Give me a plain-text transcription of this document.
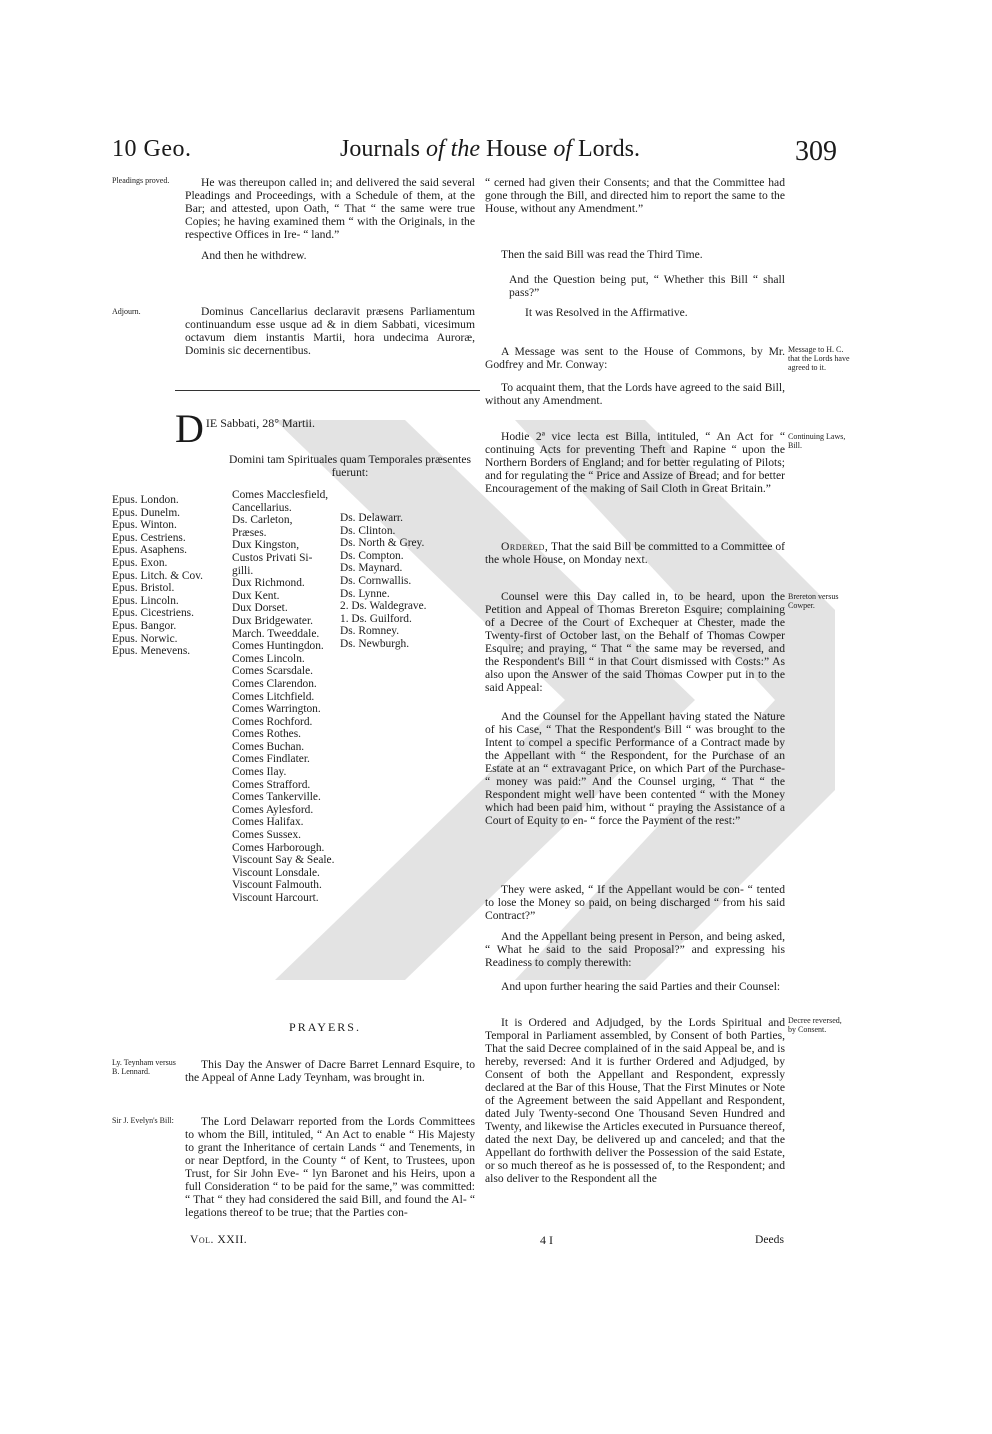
10 Geo.	Journals of the House of Lords.	309
Pleadings proved.	He was thereupon called in; and delivered the said several Pleadings and Proceedings, with a Schedule of them, at the Bar; and attested, upon Oath, “ That “ the same were true Copies; he having examined them “ with the Originals, in the respective Offices in Ire- “ land.”

And then he withdrew.

Adjourn.	Dominus Cancellarius declaravit præsens Parliamentum continuandum esse usque ad & in diem Sabbati, vicesimum octavum diem instantis Martii, hora undecima Auroræ, Dominis sic decernentibus.

D IE Sabbati, 28° Martii.
Domini tam Spirituales quam Temporales præsentes fuerunt:
Epus. London.
Epus. Dunelm.
Epus. Winton.
Epus. Cestriens.
Epus. Asaphens.
Epus. Exon.
Epus. Litch. & Cov.
Epus. Bristol.
Epus. Lincoln.
Epus. Cicestriens.
Epus. Bangor.
Epus. Norwic.
Epus. Menevens.
Comes Macclesfield,
Cancellarius.
Ds. Carleton,
Præses.
Dux Kingston,
Custos Privati Si-
gilli.
Dux Richmond.
Dux Kent.
Dux Dorset.
Dux Bridgewater.
March. Tweeddale.
Comes Huntingdon.
Comes Lincoln.
Comes Scarsdale.
Comes Clarendon.
Comes Litchfield.
Comes Warrington.
Comes Rochford.
Comes Rothes.
Comes Buchan.
Comes Findlater.
Comes Ilay.
Comes Strafford.
Comes Tankerville.
Comes Aylesford.
Comes Halifax.
Comes Sussex.
Comes Harborough.
Viscount Say & Seale.
Viscount Lonsdale.
Viscount Falmouth.
Viscount Harcourt.
Ds. Delawarr.
Ds. Clinton.
Ds. North & Grey.
Ds. Compton.
Ds. Maynard.
Ds. Cornwallis.
Ds. Lynne.
2. Ds. Waldegrave.
1. Ds. Guilford.
Ds. Romney.
Ds. Newburgh.
PRAYERS.
Ly. Teynham versus B. Lennard.

This Day the Answer of Dacre Barret Lennard Esquire, to the Appeal of Anne Lady Teynham, was brought in.

Sir J. Evelyn's Bill:	The Lord Delawarr reported from the Lords Committees to whom the Bill, intituled, “ An Act to enable “ His Majesty to grant the Inheritance of certain Lands “ and Tenements, in or near Deptford, in the County “ of Kent, to Trustees, upon Trust, for Sir John Eve- “ lyn Baronet and his Heirs, upon a full Consideration “ to be paid for the same,” was committed: “ That “ they had considered the said Bill, and found the Al- “ legations thereof to be true; that the Parties con-

Vol. XXII.

“ cerned had given their Consents; and that the Committee had gone through the Bill, and directed him to report the same to the House, without any Amendment.”

Then the said Bill was read the Third Time.

And the Question being put, “ Whether this Bill “ shall pass?”

It was Resolved in the Affirmative.

A Message was sent to the House of Commons, by Mr. Godfrey and Mr. Conway:

Message to H. C. that the Lords have agreed to it.

To acquaint them, that the Lords have agreed to the said Bill, without any Amendment.

Hodie 2ª vice lecta est Billa, intituled, “ An Act for “ continuing Acts for preventing Theft and Rapine “ upon the Northern Borders of England; and for better regulating of Pilots; and for regulating the “ Price and Assize of Bread; and for better Encouragement of the making of Sail Cloth in Great Britain.”

Continuing Laws, Bill.

Ordered, That the said Bill be committed to a Committee of the whole House, on Monday next.

Counsel were this Day called in, to be heard, upon the Petition and Appeal of Thomas Brereton Esquire; complaining of a Decree of the Court of Exchequer at Chester, made the Twenty-first of October last, on the Behalf of Thomas Cowper Esquire; and praying, “ That “ the same may be reversed, and the Respondent's Bill “ in that Court dismissed with Costs:” As also upon the Answer of the said Thomas Cowper put in to the said Appeal:

Brereton versus Cowper.

And the Counsel for the Appellant having stated the Nature of his Case, “ That the Respondent's Bill “ was brought to the Intent to compel a specific Performance of a Contract made by the Appellant with “ the Respondent, for the Purchase of an Estate at an “ extravagant Price, on which Part of the Purchase- “ money was paid:” And the Counsel urging, “ That “ the Respondent might well have been contented “ with the Money which had been paid him, without “ praying the Assistance of a Court of Equity to en- “ force the Payment of the rest:”

They were asked, “ If the Appellant would be con- “ tented to lose the Money so paid, on being discharged “ from his said Contract?”

And the Appellant being present in Person, and being asked, “ What he said to the said Proposal?” and expressing his Readiness to comply therewith:

And upon further hearing the said Parties and their Counsel:

It is Ordered and Adjudged, by the Lords Spiritual and Temporal in Parliament assembled, by Consent of both Parties, That the said Decree complained of in the said Appeal be, and is hereby, reversed: And it is further Ordered and Adjudged, by Consent of both the Appellant and Respondent, expressly declared at the Bar of this House, That the First Minutes or Note of the Agreement between the said Appellant and Respondent, dated July Twenty-second One Thousand Seven Hundred and Twenty, and likewise the Articles executed in Pursuance thereof, dated the next Day, be delivered up and canceled; and that the Appellant do forthwith deliver the Possession of the said Estate, or so much thereof as he is possessed of, to the Respondent; and also deliver to the Respondent all the

Decree reversed, by Consent.
4 I	Deeds
